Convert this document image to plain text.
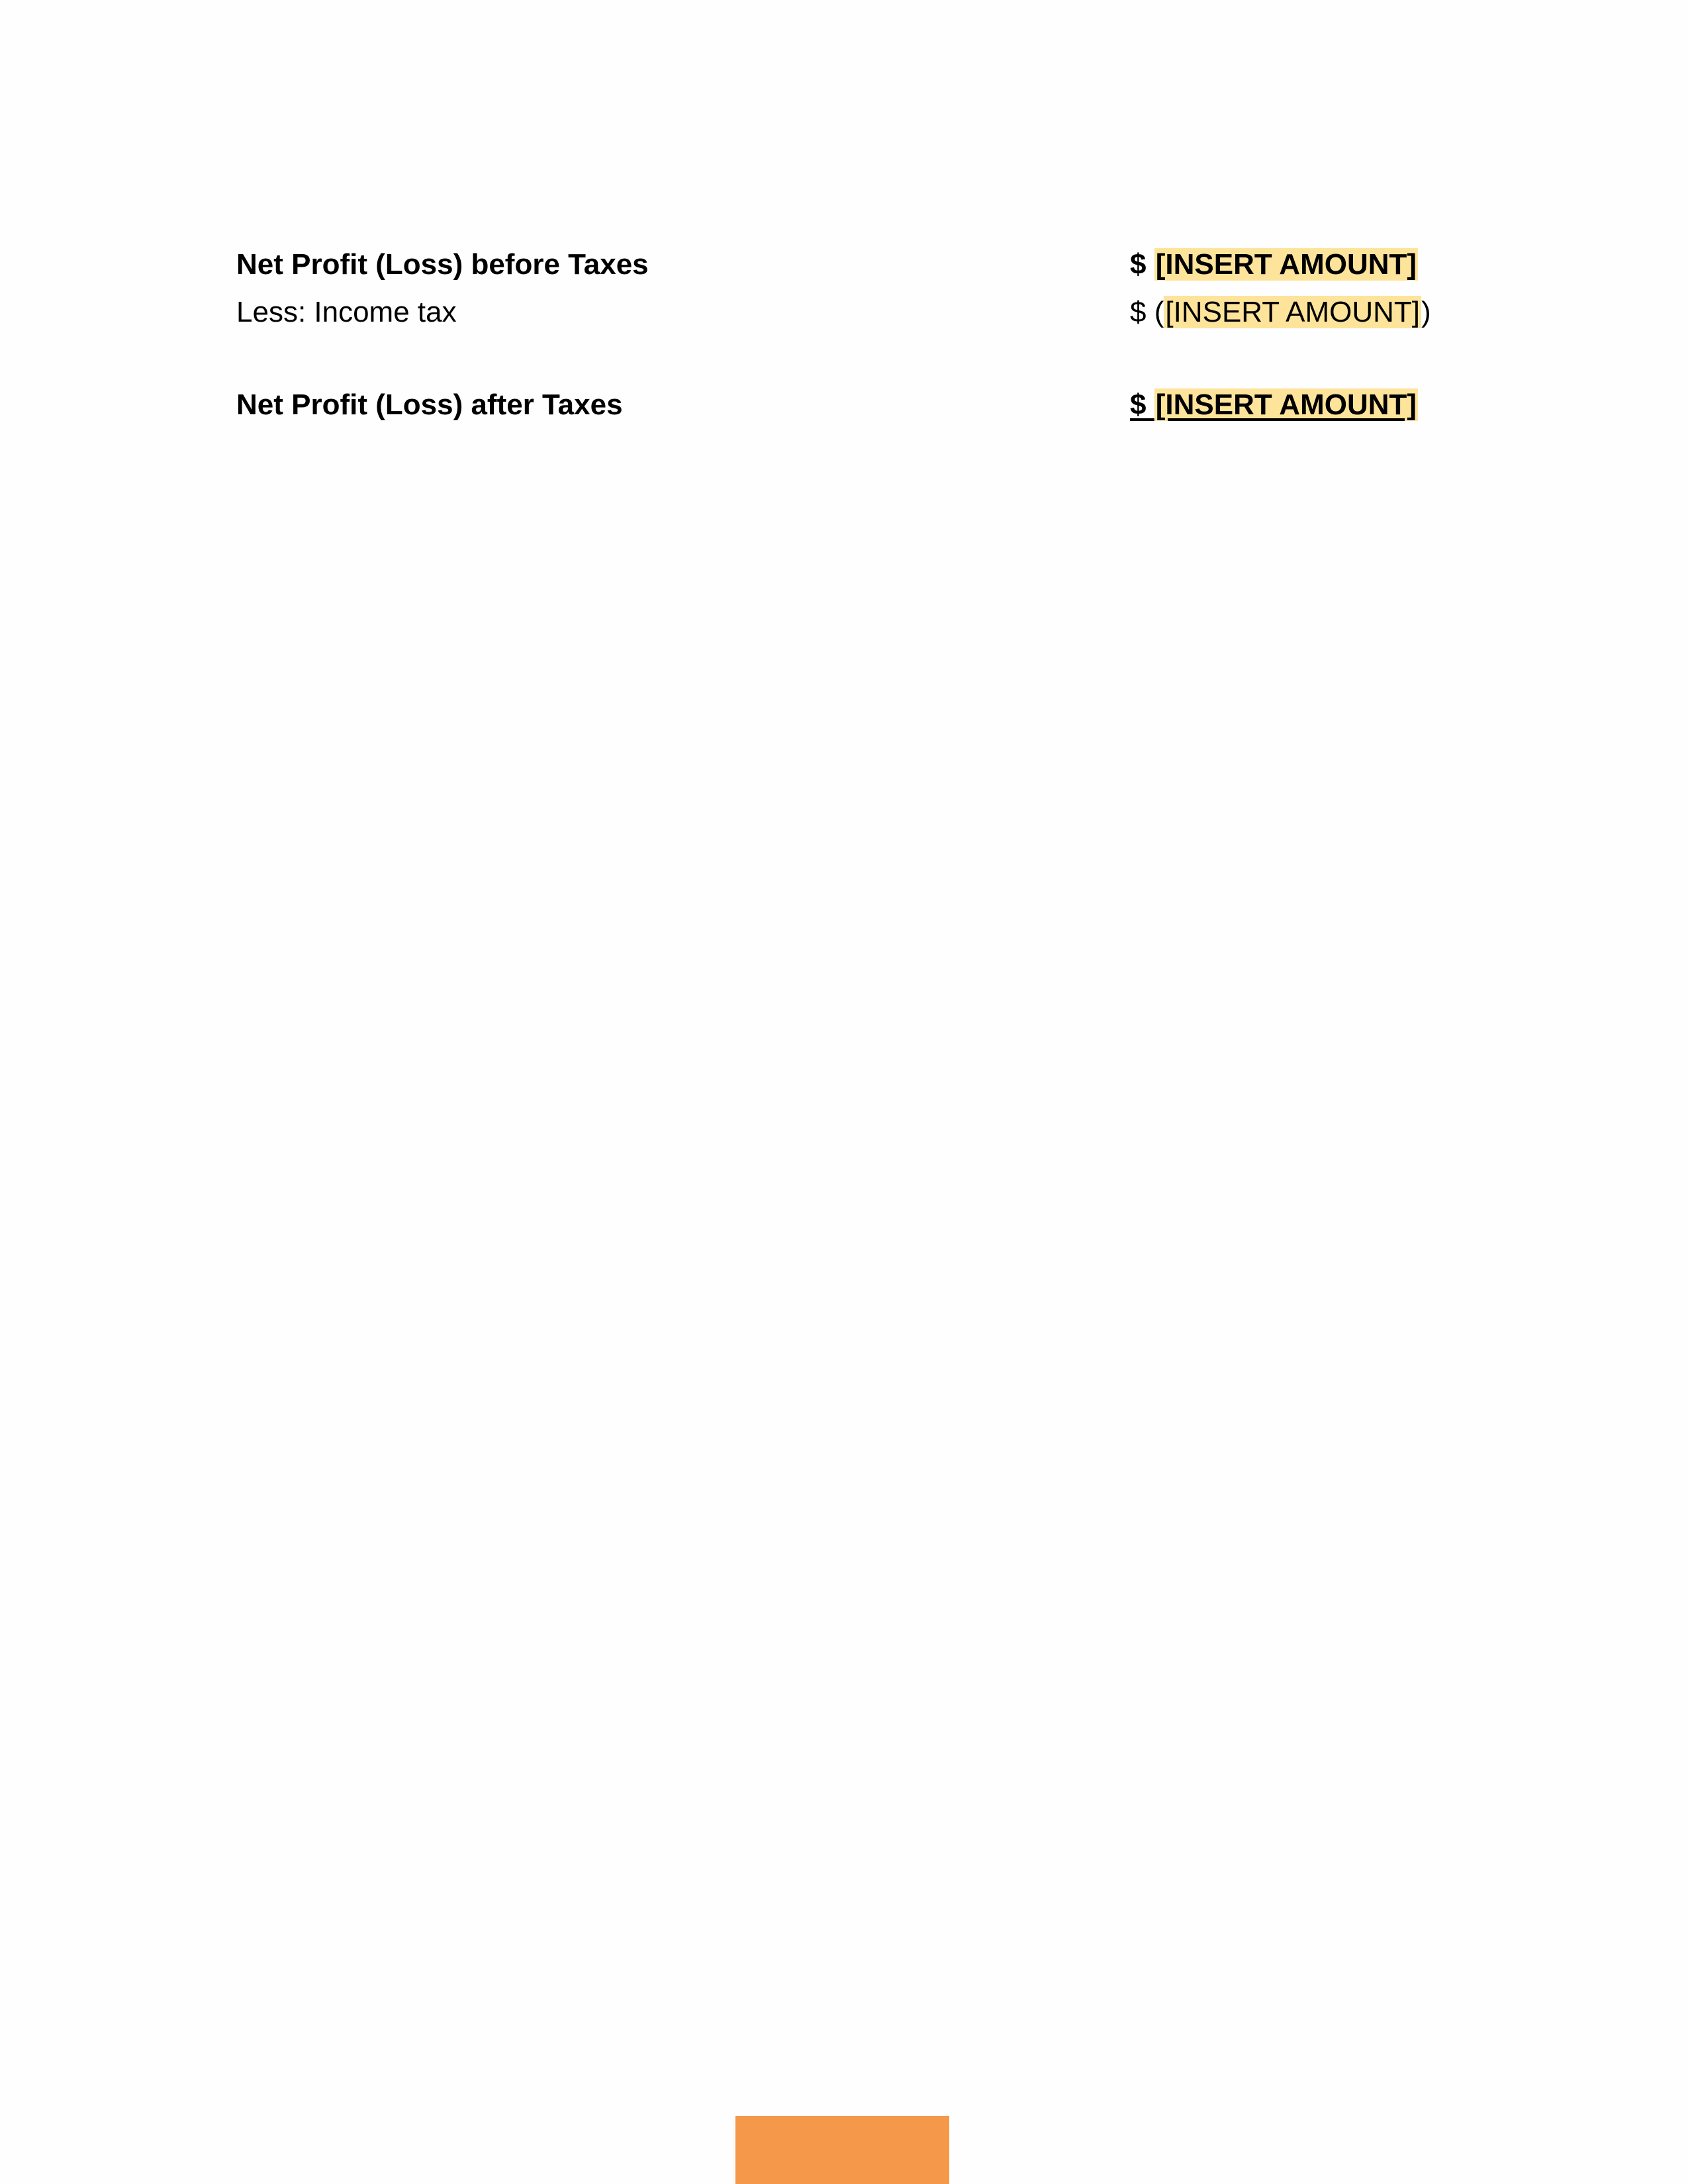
Net Profit (Loss) before Taxes	$ [INSERT AMOUNT]
Less: Income tax	$ ([INSERT AMOUNT])
Net Profit (Loss) after Taxes	$ [INSERT AMOUNT]
